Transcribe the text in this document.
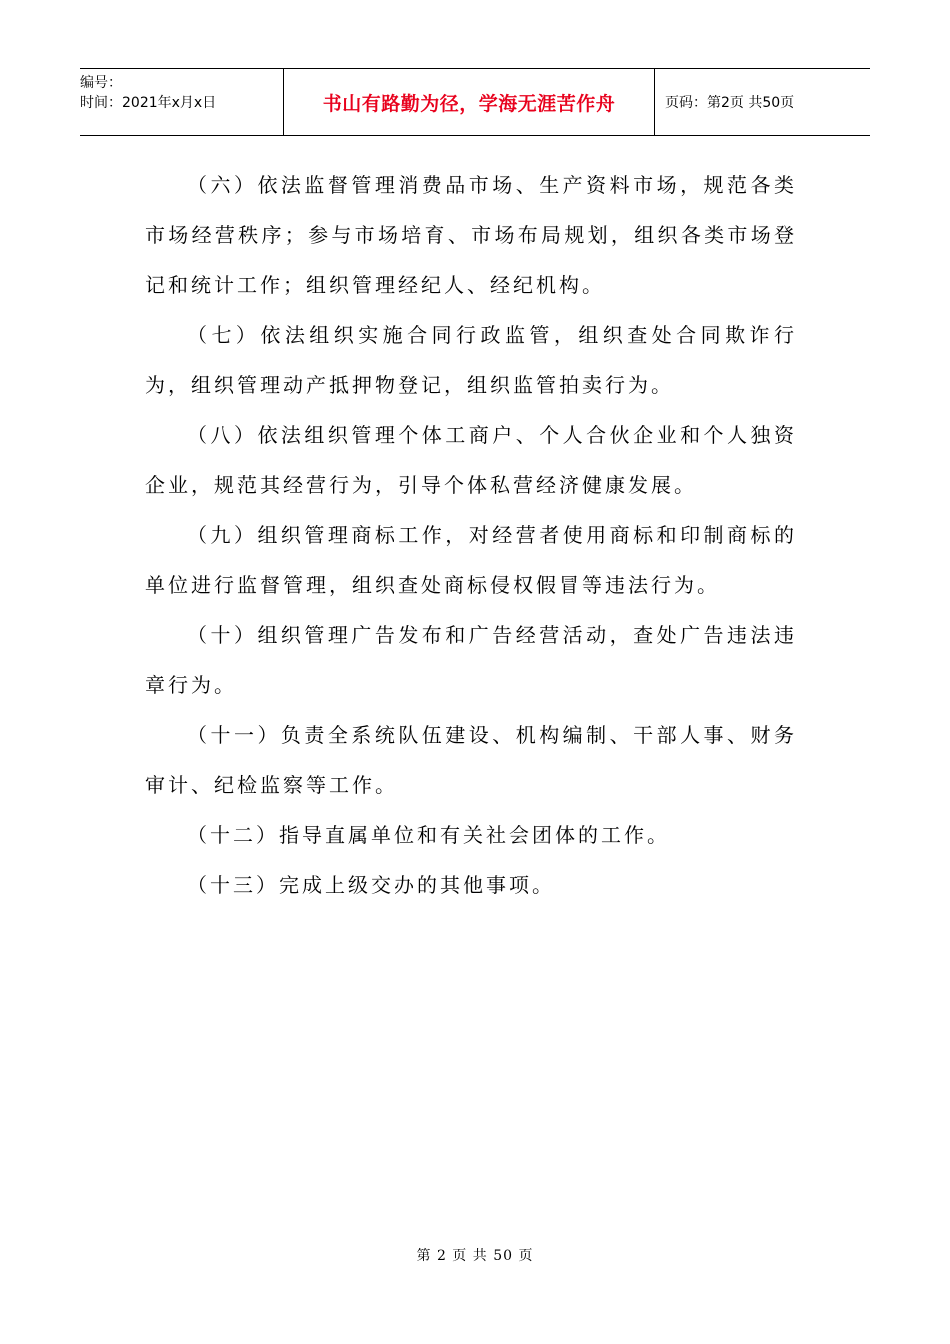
编号：
时间：2021年x月x日	书山有路勤为径，学海无涯苦作舟	页码：第2页 共50页

（六）依法监督管理消费品市场、生产资料市场，规范各类市场经营秩序；参与市场培育、市场布局规划，组织各类市场登记和统计工作；组织管理经纪人、经纪机构。

（七）依法组织实施合同行政监管，组织查处合同欺诈行为，组织管理动产抵押物登记，组织监管拍卖行为。

（八）依法组织管理个体工商户、个人合伙企业和个人独资企业，规范其经营行为，引导个体私营经济健康发展。

（九）组织管理商标工作，对经营者使用商标和印制商标的单位进行监督管理，组织查处商标侵权假冒等违法行为。

（十）组织管理广告发布和广告经营活动，查处广告违法违章行为。

（十一）负责全系统队伍建设、机构编制、干部人事、财务审计、纪检监察等工作。

（十二）指导直属单位和有关社会团体的工作。

（十三）完成上级交办的其他事项。

第 2 页 共 50 页
